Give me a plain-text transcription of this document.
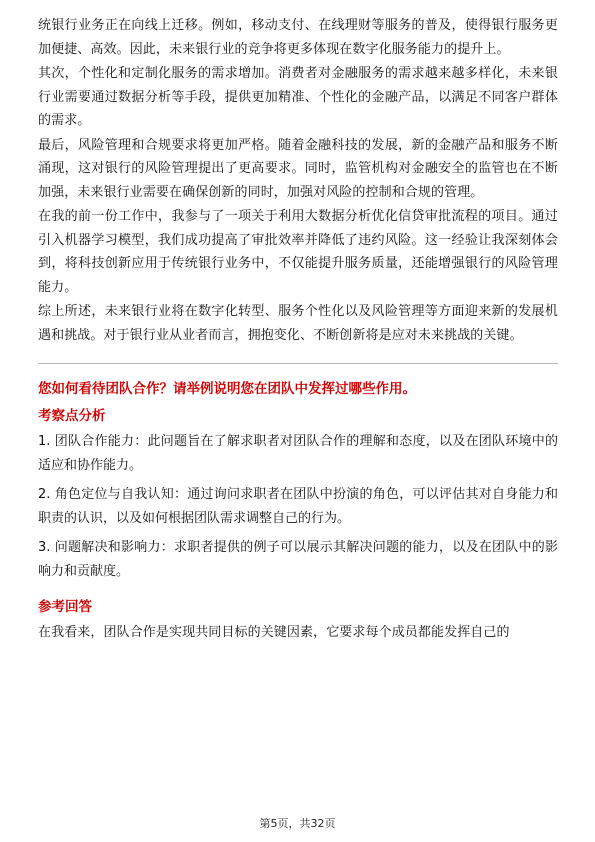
统银行业务正在向线上迁移。例如，移动支付、在线理财等服务的普及，使得银行服务更加便捷、高效。因此，未来银行业的竞争将更多体现在数字化服务能力的提升上。

其次，个性化和定制化服务的需求增加。消费者对金融服务的需求越来越多样化，未来银行业需要通过数据分析等手段，提供更加精准、个性化的金融产品，以满足不同客户群体的需求。

最后，风险管理和合规要求将更加严格。随着金融科技的发展，新的金融产品和服务不断涌现，这对银行的风险管理提出了更高要求。同时，监管机构对金融安全的监管也在不断加强，未来银行业需要在确保创新的同时，加强对风险的控制和合规的管理。

在我的前一份工作中，我参与了一项关于利用大数据分析优化信贷审批流程的项目。通过引入机器学习模型，我们成功提高了审批效率并降低了违约风险。这一经验让我深刻体会到，将科技创新应用于传统银行业务中，不仅能提升服务质量，还能增强银行的风险管理能力。

综上所述，未来银行业将在数字化转型、服务个性化以及风险管理等方面迎来新的发展机遇和挑战。对于银行业从业者而言，拥抱变化、不断创新将是应对未来挑战的关键。

您如何看待团队合作？请举例说明您在团队中发挥过哪些作用。

考察点分析

1. 团队合作能力：此问题旨在了解求职者对团队合作的理解和态度，以及在团队环境中的适应和协作能力。

2. 角色定位与自我认知：通过询问求职者在团队中扮演的角色，可以评估其对自身能力和职责的认识，以及如何根据团队需求调整自己的行为。

3. 问题解决和影响力：求职者提供的例子可以展示其解决问题的能力，以及在团队中的影响力和贡献度。

参考回答

在我看来，团队合作是实现共同目标的关键因素，它要求每个成员都能发挥自己的

第5页，共32页
